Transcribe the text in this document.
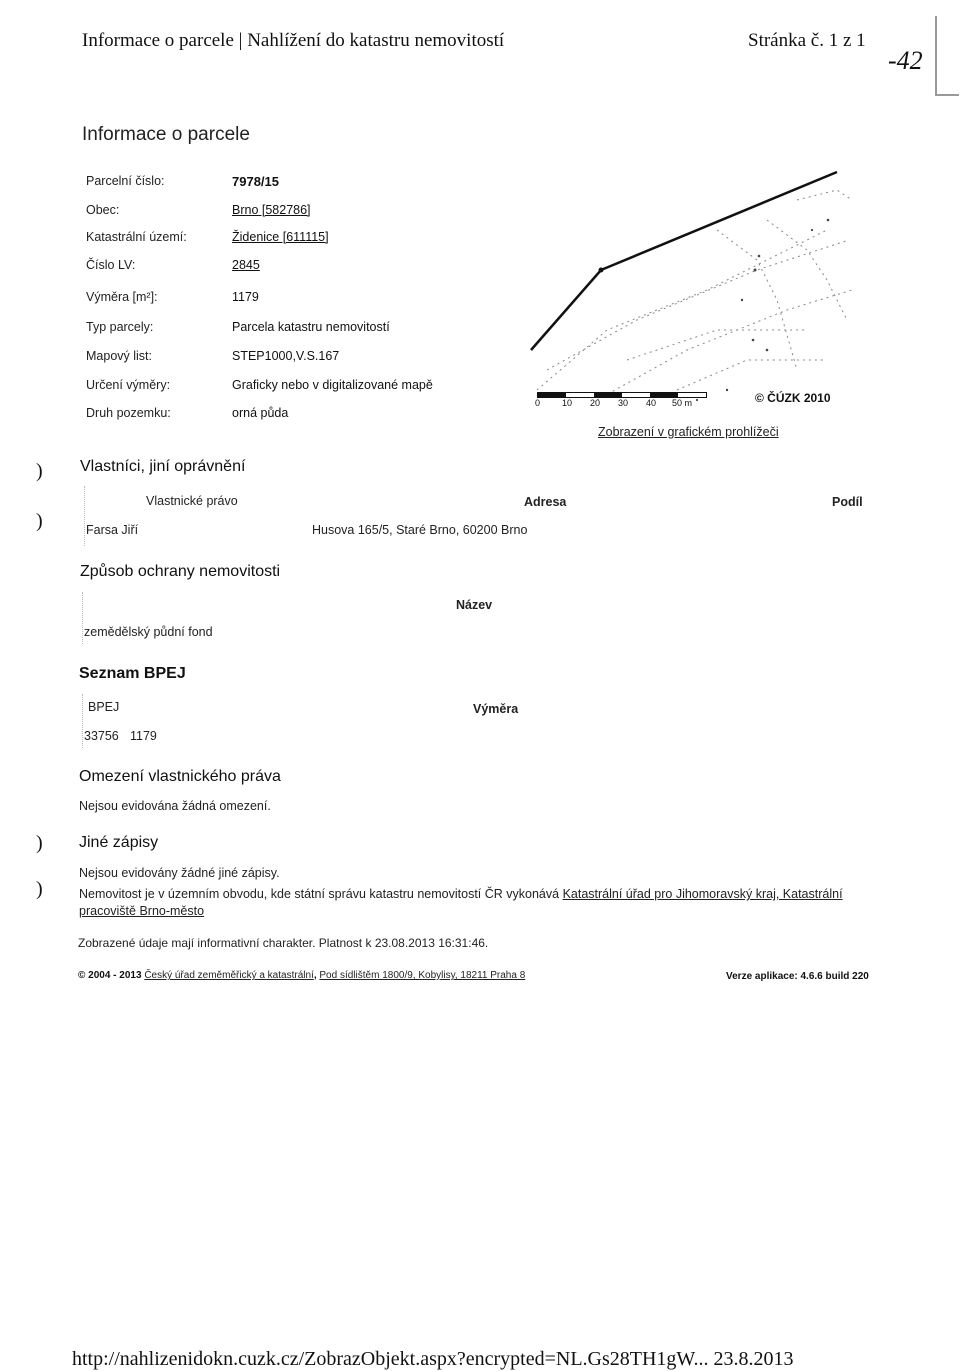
Informace o parcele | Nahlížení do katastru nemovitostí	Stránka č. 1 z 1
-42
Informace o parcele
Parcelní číslo:	7978/15
Obec:	Brno [582786]
Katastrální území:	Židenice [611115]
Číslo LV:	2845
Výměra [m²]:	1179
Typ parcely:	Parcela katastru nemovitostí
Mapový list:	STEP1000,V.S.167
Určení výměry:	Graficky nebo v digitalizované mapě
Druh pozemku:	orná půda
0 10 20 30 40 50 m	© ČÚZK 2010
Zobrazení v grafickém prohlížeči
)
)
Vlastníci, jiní oprávnění
Vlastnické právo	Adresa	Podíl
Farsa Jiří	Husova 165/5, Staré Brno, 60200 Brno
Způsob ochrany nemovitosti
Název
zemědělský půdní fond
Seznam BPEJ
BPEJ	Výměra
33756 1179
Omezení vlastnického práva
Nejsou evidována žádná omezení.
)
)
Jiné zápisy
Nejsou evidovány žádné jiné zápisy.
Nemovitost je v územním obvodu, kde státní správu katastru nemovitostí ČR vykonává Katastrální úřad pro Jihomoravský kraj, Katastrální
pracoviště Brno-město
Zobrazené údaje mají informativní charakter. Platnost k 23.08.2013 16:31:46.
© 2004 - 2013 Český úřad zeměměřický a katastrální, Pod sídlištěm 1800/9, Kobylisy, 18211 Praha 8	Verze aplikace: 4.6.6 build 220
http://nahlizenidokn.cuzk.cz/ZobrazObjekt.aspx?encrypted=NL.Gs28TH1gW... 23.8.2013
